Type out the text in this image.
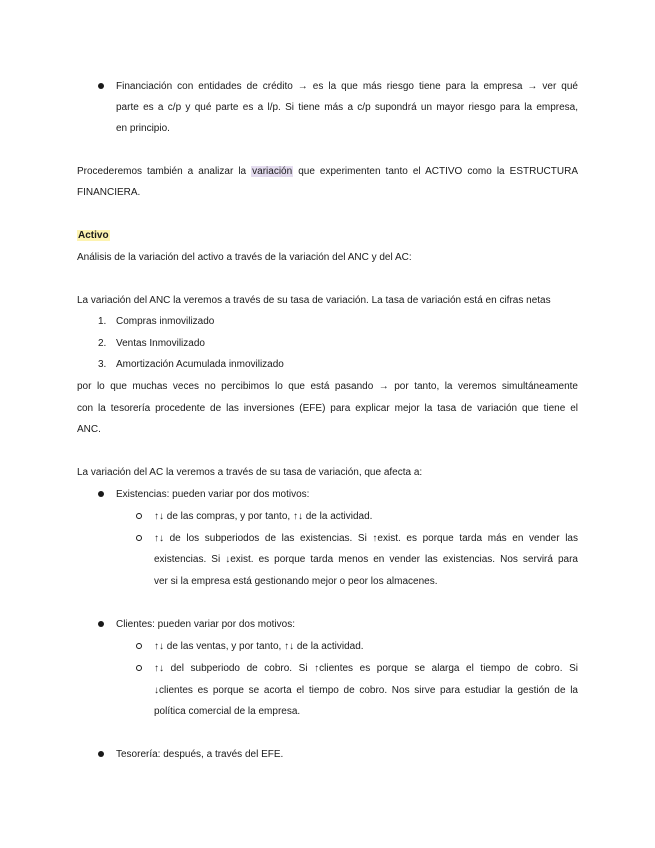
Financiación con entidades de crédito → es la que más riesgo tiene para la empresa → ver qué
parte es a c/p y qué parte es a l/p. Si tiene más a c/p supondrá un mayor riesgo para la empresa,
en principio.
Procederemos también a analizar la variación que experimenten tanto el ACTIVO como la ESTRUCTURA
FINANCIERA.
Activo
Análisis de la variación del activo a través de la variación del ANC y del AC:
La variación del ANC la veremos a través de su tasa de variación. La tasa de variación está en cifras netas
1. Compras inmovilizado
2. Ventas Inmovilizado
3. Amortización Acumulada inmovilizado
por lo que muchas veces no percibimos lo que está pasando → por tanto, la veremos simultáneamente
con la tesorería procedente de las inversiones (EFE) para explicar mejor la tasa de variación que tiene el
ANC.
La variación del AC la veremos a través de su tasa de variación, que afecta a:
Existencias: pueden variar por dos motivos:
↑↓ de las compras, y por tanto, ↑↓ de la actividad.
↑↓ de los subperiodos de las existencias. Si ↑exist. es porque tarda más en vender las
existencias. Si ↓exist. es porque tarda menos en vender las existencias. Nos servirá para
ver si la empresa está gestionando mejor o peor los almacenes.
Clientes: pueden variar por dos motivos:
↑↓ de las ventas, y por tanto, ↑↓ de la actividad.
↑↓ del subperiodo de cobro. Si ↑clientes es porque se alarga el tiempo de cobro. Si
↓clientes es porque se acorta el tiempo de cobro. Nos sirve para estudiar la gestión de la
política comercial de la empresa.
Tesorería: después, a través del EFE.
